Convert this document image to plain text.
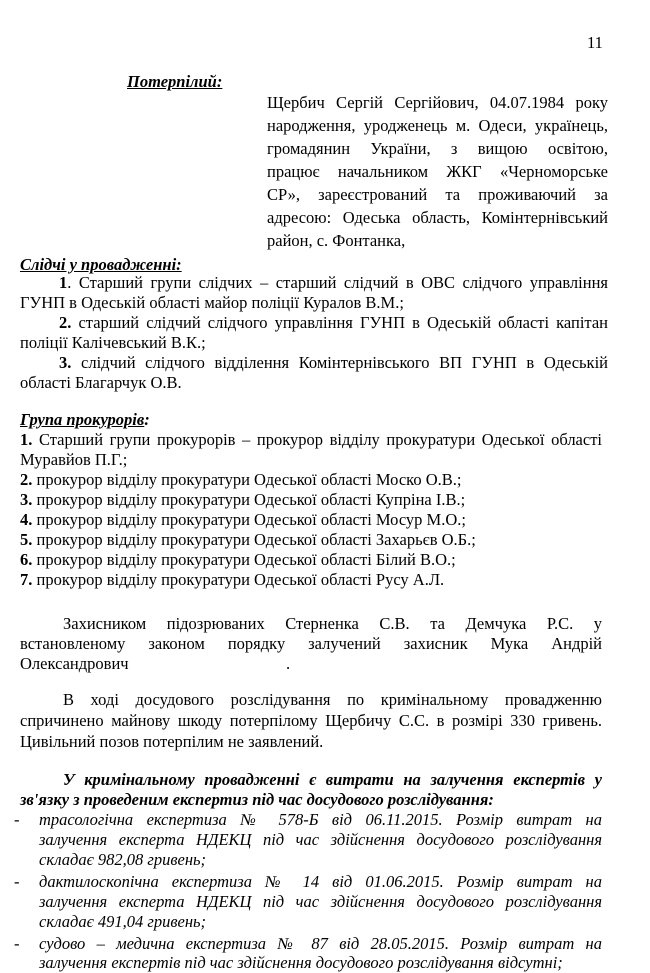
11
Потерпілий:
Щербич Сергій Сергійович, 04.07.1984 року
народження, уродженець м. Одеси, українець,
громадянин України, з вищою освітою,
працює начальником ЖКГ «Черноморське
СР», зареєстрований та проживаючий за
адресою: Одеська область, Комінтернівський
район, с. Фонтанка,
Слідчі у провадженні:
1. Старший групи слідчих – старший слідчий в ОВС слідчого управління
ГУНП в Одеській області майор поліції Куралов В.М.;
2. старший слідчий слідчого управління ГУНП в Одеській області капітан
поліції Калічевський В.К.;
3. слідчий слідчого відділення Комінтернівського ВП ГУНП в Одеській
області Благарчук О.В.
Група прокурорів:
1. Старший групи прокурорів – прокурор відділу прокуратури Одеської області
Муравйов П.Г.;
2. прокурор відділу прокуратури Одеської області Моско О.В.;
3. прокурор відділу прокуратури Одеської області Купріна І.В.;
4. прокурор відділу прокуратури Одеської області Мосур М.О.;
5. прокурор відділу прокуратури Одеської області Захарьєв О.Б.;
6. прокурор відділу прокуратури Одеської області Білий В.О.;
7. прокурор відділу прокуратури Одеської області Русу А.Л.
Захисником підозрюваних Стерненка С.В. та Демчука Р.С. у
встановленому законом порядку залучений захисник Мука Андрій
Олександрович	.
В ході досудового розслідування по кримінальному провадженню
спричинено майнову шкоду потерпілому Щербичу С.С. в розмірі 330 гривень.
Цивільний позов потерпілим не заявлений.
У кримінальному провадженні є витрати на залучення експертів у
зв'язку з проведеним експертиз під час досудового розслідування:
- трасологічна експертиза № 578-Б від 06.11.2015. Розмір витрат на
залучення експерта НДЕКЦ під час здійснення досудового розслідування
складає 982,08 гривень;
- дактилоскопічна експертиза № 14 від 01.06.2015. Розмір витрат на
залучення експерта НДЕКЦ під час здійснення досудового розслідування
складає 491,04 гривень;
- судово – медична експертиза № 87 від 28.05.2015. Розмір витрат на
залучення експертів під час здійснення досудового розслідування відсутні;
